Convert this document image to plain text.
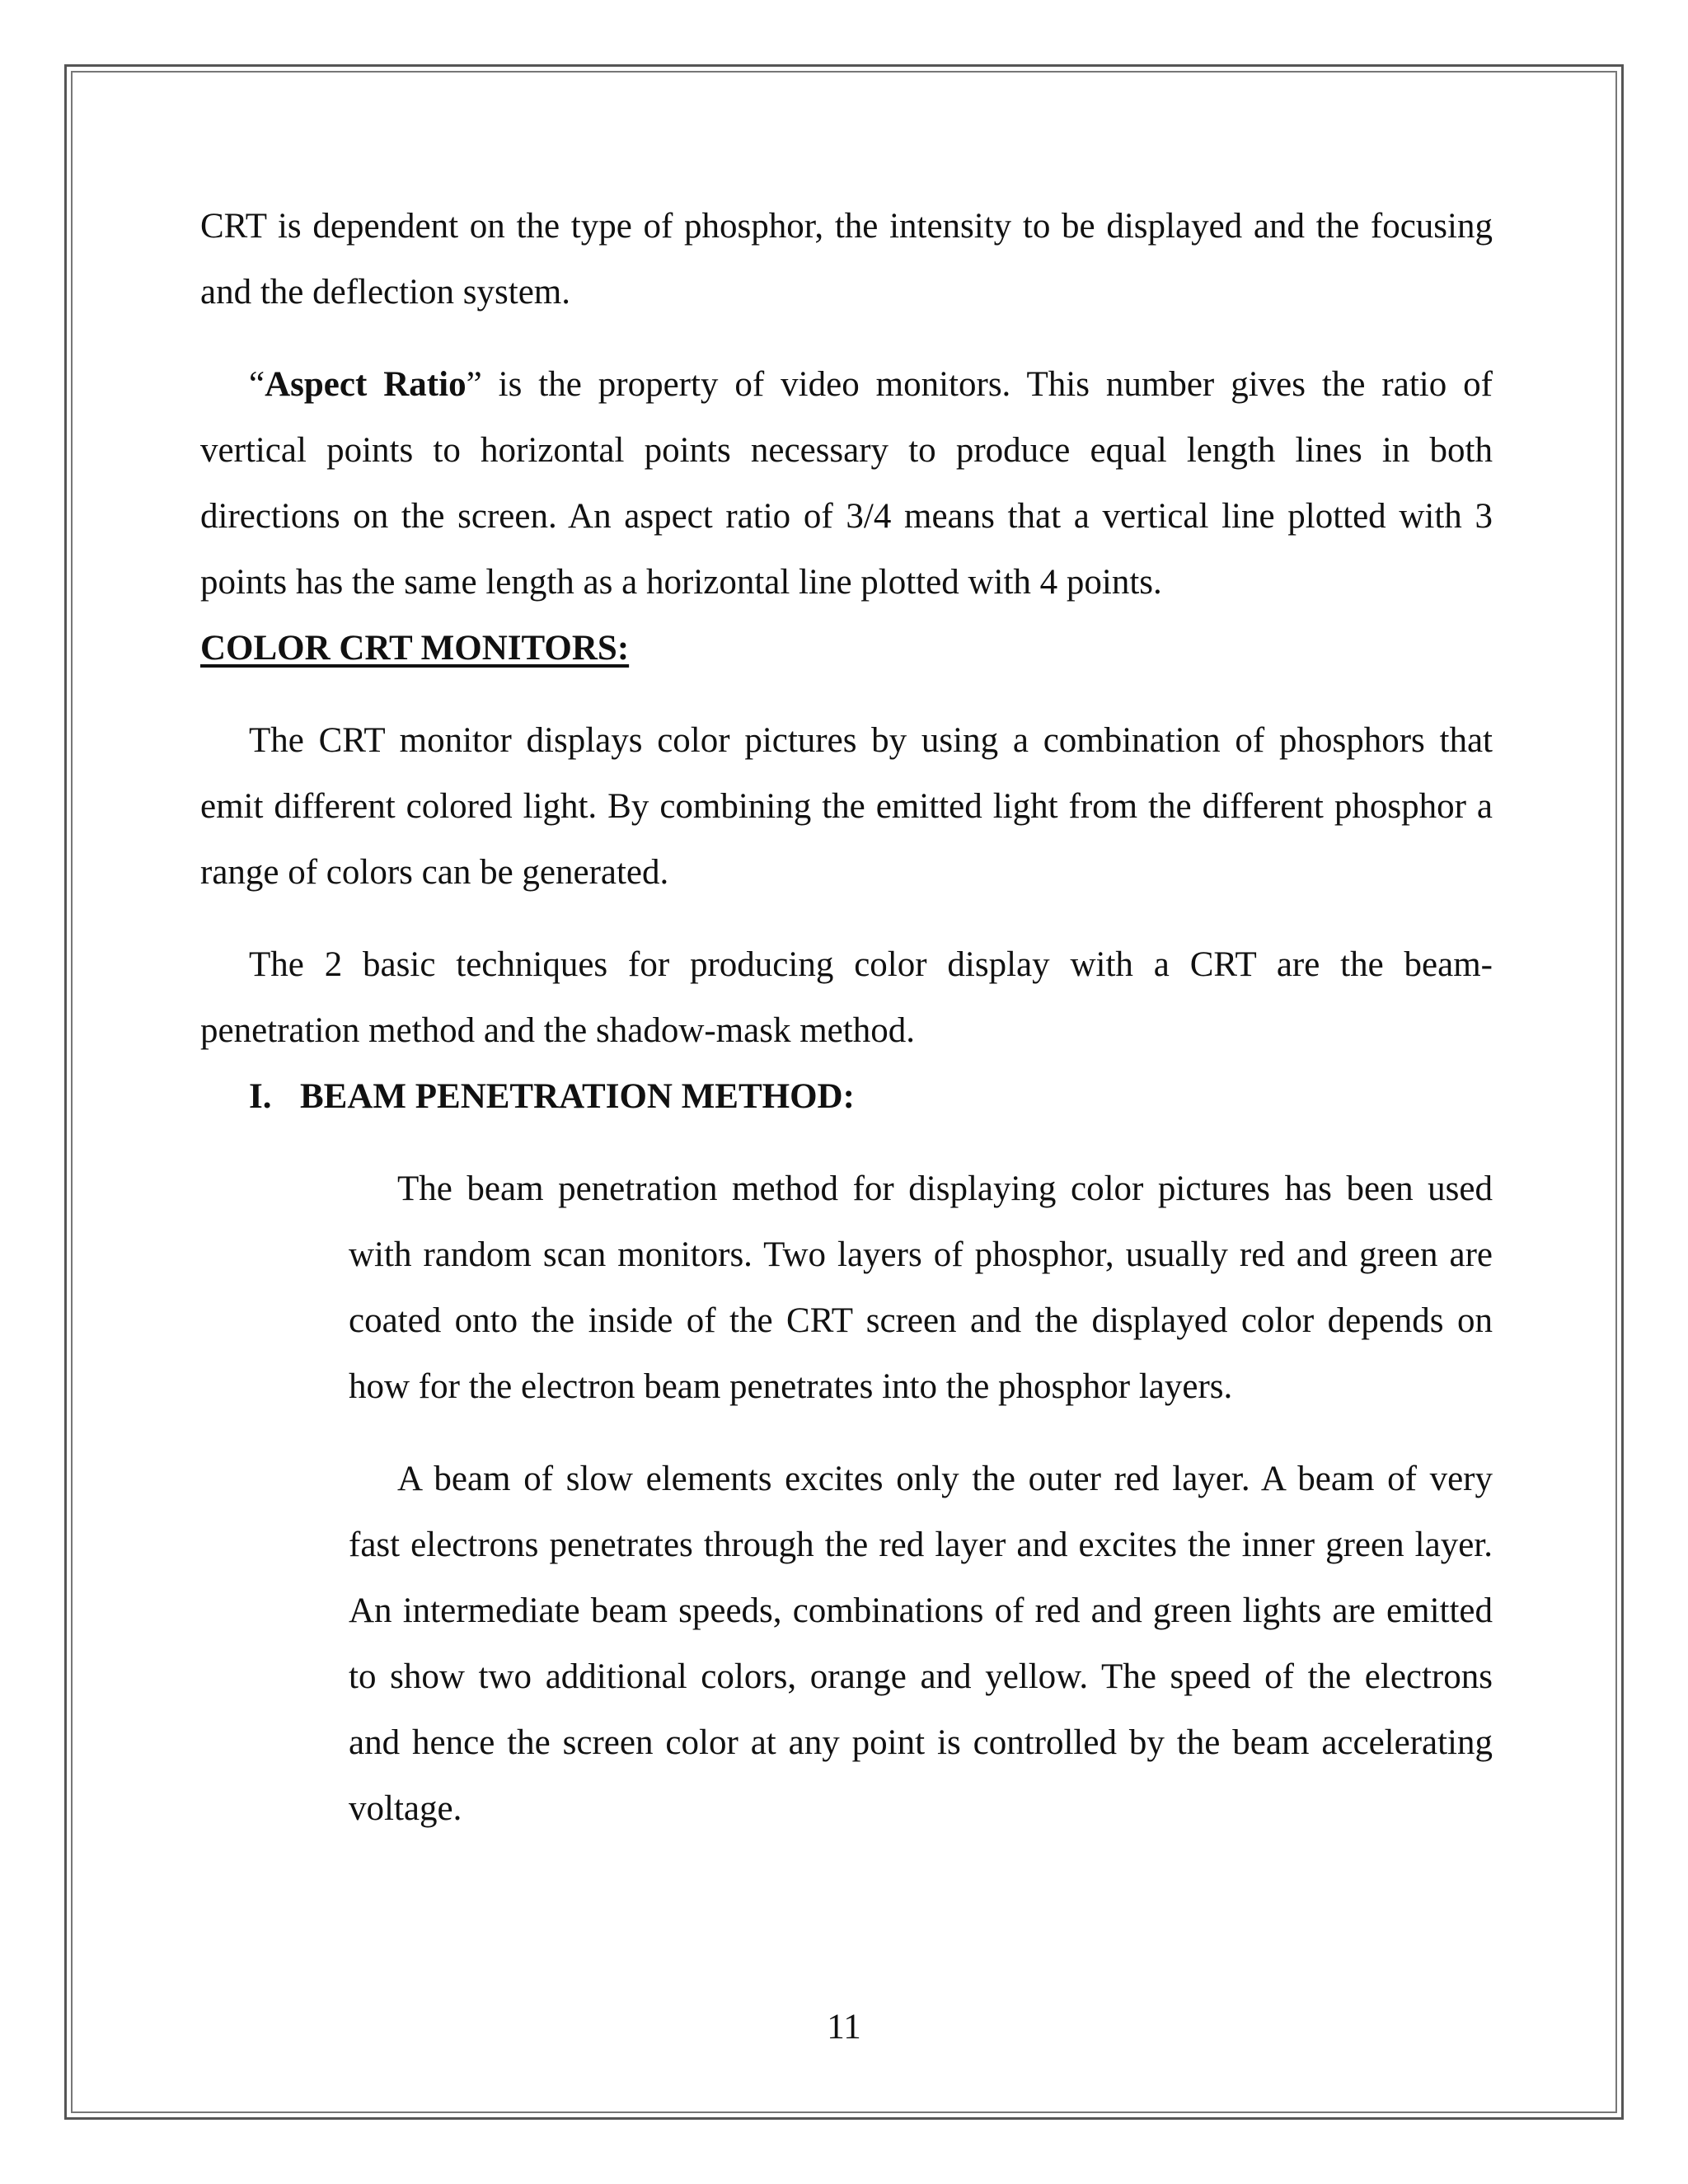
CRT is dependent on the type of phosphor, the intensity to be displayed and the focusing and the deflection system.

“Aspect Ratio” is the property of video monitors. This number gives the ratio of vertical points to horizontal points necessary to produce equal length lines in both directions on the screen. An aspect ratio of 3/4 means that a vertical line plotted with 3 points has the same length as a horizontal line plotted with 4 points.

COLOR CRT MONITORS:

The CRT monitor displays color pictures by using a combination of phosphors that emit different colored light. By combining the emitted light from the different phosphor a range of colors can be generated.

The 2 basic techniques for producing color display with a CRT are the beam-penetration method and the shadow-mask method.

I. BEAM PENETRATION METHOD:

The beam penetration method for displaying color pictures has been used with random scan monitors. Two layers of phosphor, usually red and green are coated onto the inside of the CRT screen and the displayed color depends on how for the electron beam penetrates into the phosphor layers.

A beam of slow elements excites only the outer red layer. A beam of very fast electrons penetrates through the red layer and excites the inner green layer. An intermediate beam speeds, combinations of red and green lights are emitted to show two additional colors, orange and yellow. The speed of the electrons and hence the screen color at any point is controlled by the beam accelerating voltage.

11
